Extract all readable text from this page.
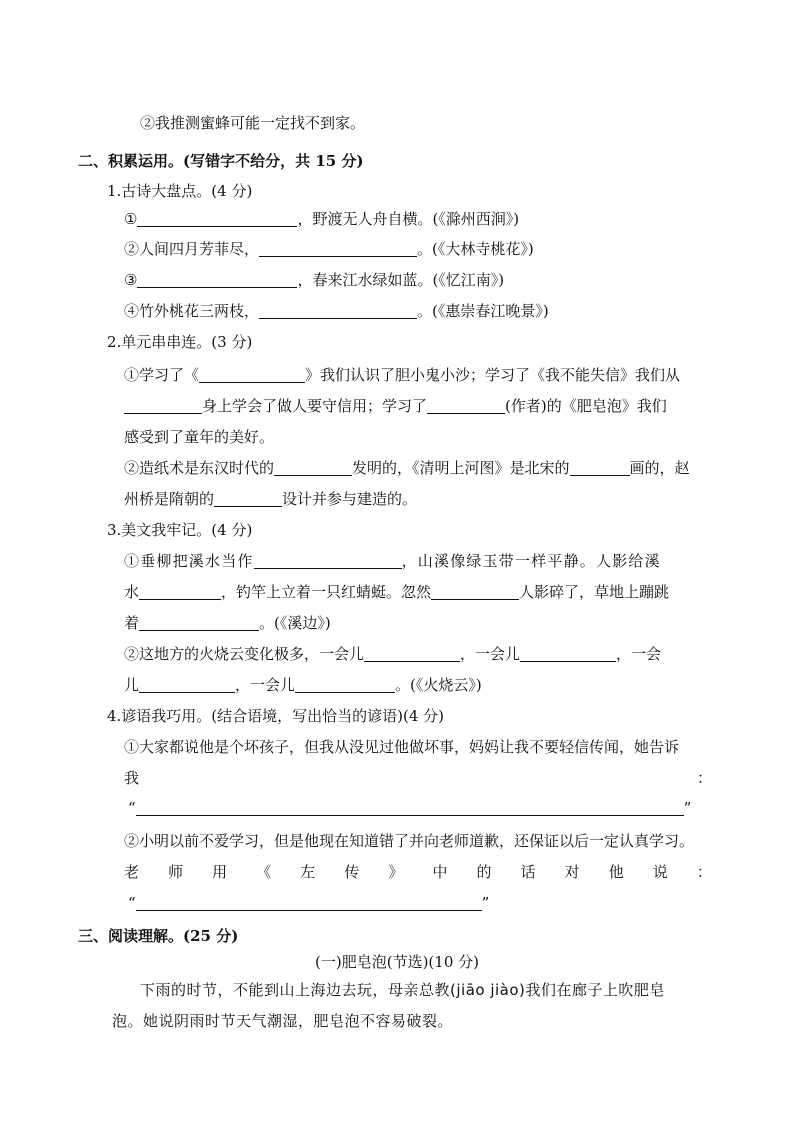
②我推测蜜蜂可能一定找不到家。
二、积累运用。(写错字不给分，共 15 分)
1.古诗大盘点。(4 分)
①	，野渡无人舟自横。(《滁州西涧》)
②人间四月芳菲尽，	。(《大林寺桃花》)
③	，春来江水绿如蓝。(《忆江南》)
④竹外桃花三两枝，	。(《惠崇春江晚景》)
2.单元串串连。(3 分)
①学习了《	》我们认识了胆小鬼小沙；学习了《我不能失信》我们从
身上学会了做人要守信用；学习了	(作者)的《肥皂泡》我们
感受到了童年的美好。
②造纸术是东汉时代的	发明的，《清明上河图》是北宋的	画的，赵
州桥是隋朝的	设计并参与建造的。
3.美文我牢记。(4 分)
①垂柳把溪水当作	，山溪像绿玉带一样平静。人影给溪
水	，钓竿上立着一只红蜻蜓。忽然	人影碎了，草地上蹦跳
着	。(《溪边》)
②这地方的火烧云变化极多，一会儿	，一会儿	，一会
儿	，一会儿	。(《火烧云》)
4.谚语我巧用。(结合语境，写出恰当的谚语)(4 分)
①大家都说他是个坏孩子，但我从没见过他做坏事，妈妈让我不要轻信传闻，她告诉
我	：
“	”
②小明以前不爱学习，但是他现在知道错了并向老师道歉，还保证以后一定认真学习。
老 师 用 《 左 传 》 中 的 话 对 他 说 ：
“	”
三、阅读理解。(25 分)
(一)肥皂泡(节选)(10 分)
下雨的时节，不能到山上海边去玩，母亲总教(jiāo jiào)我们在廊子上吹肥皂
泡。她说阴雨时节天气潮湿，肥皂泡不容易破裂。
